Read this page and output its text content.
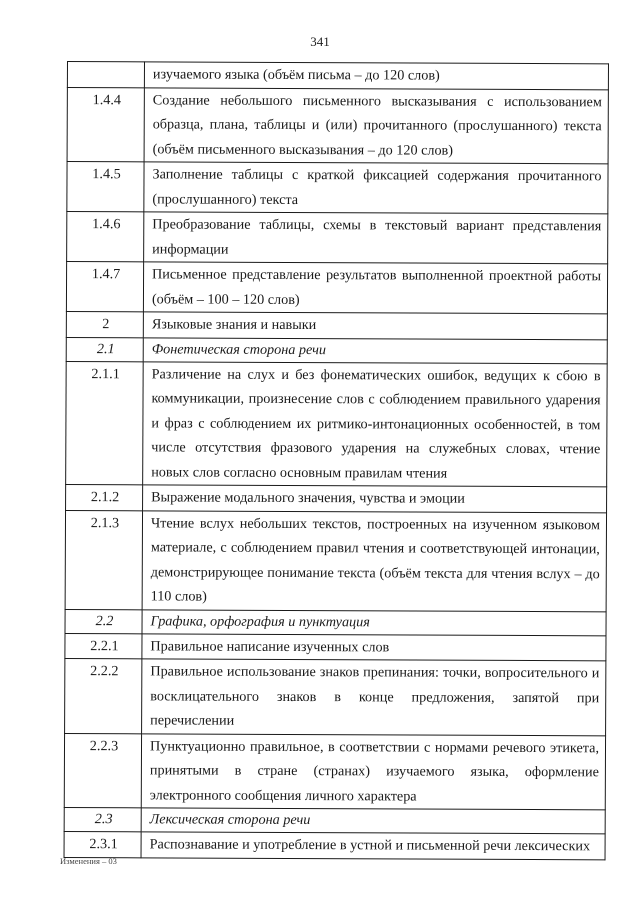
341
	изучаемого языка (объём письма – до 120 слов)
1.4.4	Создание небольшого письменного высказывания с использованием образца, плана, таблицы и (или) прочитанного (прослушанного) текста (объём письменного высказывания – до 120 слов)
1.4.5	Заполнение таблицы с краткой фиксацией содержания прочитанного (прослушанного) текста
1.4.6	Преобразование таблицы, схемы в текстовый вариант представления информации
1.4.7	Письменное представление результатов выполненной проектной работы (объём – 100 – 120 слов)
2	Языковые знания и навыки
2.1	Фонетическая сторона речи
2.1.1	Различение на слух и без фонематических ошибок, ведущих к сбою в коммуникации, произнесение слов с соблюдением правильного ударения и фраз с соблюдением их ритмико-интонационных особенностей, в том числе отсутствия фразового ударения на служебных словах, чтение новых слов согласно основным правилам чтения
2.1.2	Выражение модального значения, чувства и эмоции
2.1.3	Чтение вслух небольших текстов, построенных на изученном языковом материале, с соблюдением правил чтения и соответствующей интонации, демонстрирующее понимание текста (объём текста для чтения вслух – до 110 слов)
2.2	Графика, орфография и пунктуация
2.2.1	Правильное написание изученных слов
2.2.2	Правильное использование знаков препинания: точки, вопросительного и восклицательного знаков в конце предложения, запятой при перечислении
2.2.3	Пунктуационно правильное, в соответствии с нормами речевого этикета, принятыми в стране (странах) изучаемого языка, оформление электронного сообщения личного характера
2.3	Лексическая сторона речи
2.3.1	Распознавание и употребление в устной и письменной речи лексических
Изменения – 03
